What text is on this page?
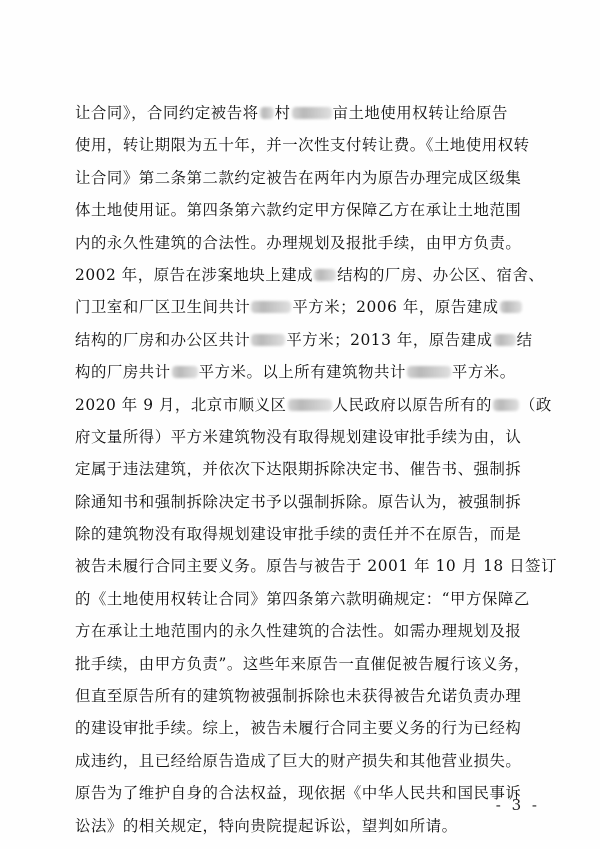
让合同》，合同约定被告将 村	亩土地使用权转让给原告
使用，转让期限为五十年，并一次性支付转让费。《土地使用权转
让合同》第二条第二款约定被告在两年内为原告办理完成区级集
体土地使用证。第四条第六款约定甲方保障乙方在承让土地范围
内的永久性建筑的合法性。办理规划及报批手续，由甲方负责。
2002 年，原告在涉案地块上建成 结构的厂房、办公区、宿舍、
门卫室和厂区卫生间共计	平方米；2006 年，原告建成
结构的厂房和办公区共计 平方米；2013 年，原告建成 结
构的厂房共计 平方米。以上所有建筑物共计	平方米。
2020 年 9 月，北京市顺义区	人民政府以原告所有的 （政
府文量所得）平方米建筑物没有取得规划建设审批手续为由，认
定属于违法建筑，并依次下达限期拆除决定书、催告书、强制拆
除通知书和强制拆除决定书予以强制拆除。原告认为，被强制拆
除的建筑物没有取得规划建设审批手续的责任并不在原告，而是
被告未履行合同主要义务。原告与被告于 2001 年 10 月 18 日签订
的《土地使用权转让合同》第四条第六款明确规定：“甲方保障乙
方在承让土地范围内的永久性建筑的合法性。如需办理规划及报
批手续，由甲方负责”。这些年来原告一直催促被告履行该义务，
但直至原告所有的建筑物被强制拆除也未获得被告允诺负责办理
的建设审批手续。综上，被告未履行合同主要义务的行为已经构
成违约，且已经给原告造成了巨大的财产损失和其他营业损失。
原告为了维护自身的合法权益，现依据《中华人民共和国民事诉
讼法》的相关规定，特向贵院提起诉讼，望判如所请。
- 3 -
